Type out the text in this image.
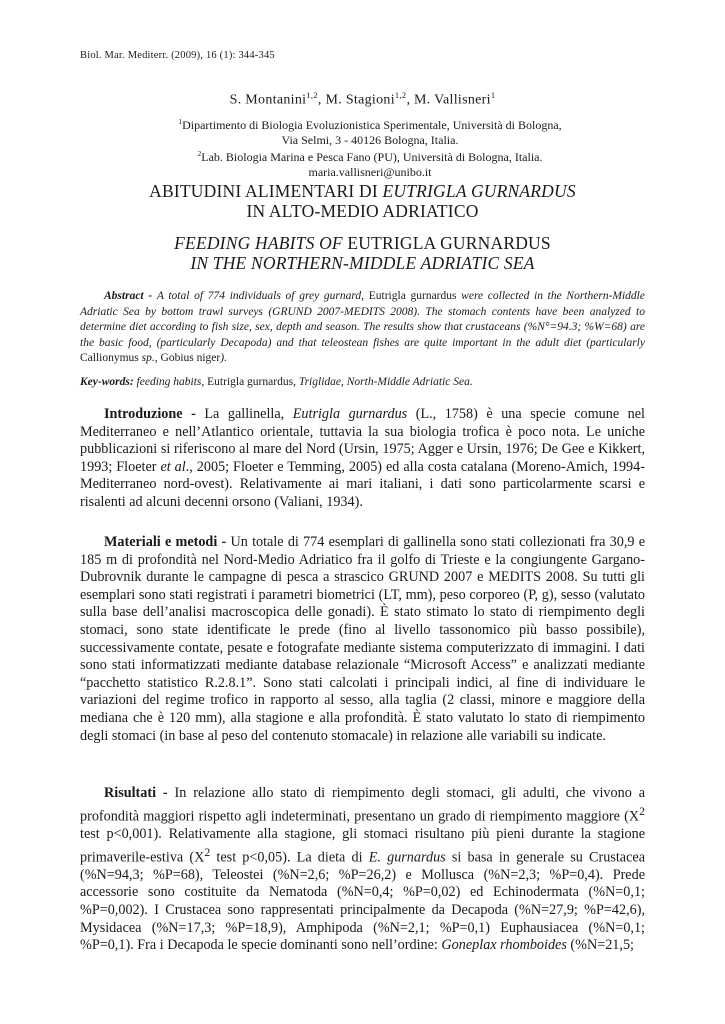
Biol. Mar. Mediterr. (2009), 16 (1): 344-345
S. Montanini$^{1,2}$, M. Stagioni$^{1,2}$, M. Vallisneri$^1$
$^1$Dipartimento di Biologia Evoluzionistica Sperimentale, Università di Bologna,
Via Selmi, 3 - 40126 Bologna, Italia.
$^2$Lab. Biologia Marina e Pesca Fano (PU), Università di Bologna, Italia.
maria.vallisneri@unibo.it
ABITUDINI ALIMENTARI DI EUTRIGLA GURNARDUS
IN ALTO-MEDIO ADRIATICO
FEEDING HABITS OF EUTRIGLA GURNARDUS
IN THE NORTHERN-MIDDLE ADRIATIC SEA
Abstract - A total of 774 individuals of grey gurnard, Eutrigla gurnardus were collected in the Northern-Middle Adriatic Sea by bottom trawl surveys (GRUND 2007-MEDITS 2008). The stomach contents have been analyzed to determine diet according to fish size, sex, depth and season. The results show that crustaceans (%N°=94.3; %W=68) are the basic food, (particularly Decapoda) and that teleostean fishes are quite important in the adult diet (particularly Callionymus sp., Gobius niger).
Key-words: feeding habits, Eutrigla gurnardus, Triglidae, North-Middle Adriatic Sea.
Introduzione - La gallinella, Eutrigla gurnardus (L., 1758) è una specie comune nel Mediterraneo e nell’Atlantico orientale, tuttavia la sua biologia trofica è poco nota. Le uniche pubblicazioni si riferiscono al mare del Nord (Ursin, 1975; Agger e Ursin, 1976; De Gee e Kikkert, 1993; Floeter et al., 2005; Floeter e Temming, 2005) ed alla costa catalana (Moreno-Amich, 1994-Mediterraneo nord-ovest). Relativamente ai mari italiani, i dati sono particolarmente scarsi e risalenti ad alcuni decenni orsono (Valiani, 1934).
Materiali e metodi - Un totale di 774 esemplari di gallinella sono stati collezionati fra 30,9 e 185 m di profondità nel Nord-Medio Adriatico fra il golfo di Trieste e la congiungente Gargano-Dubrovnik durante le campagne di pesca a strascico GRUND 2007 e MEDITS 2008. Su tutti gli esemplari sono stati registrati i parametri biometrici (LT, mm), peso corporeo (P, g), sesso (valutato sulla base dell’analisi macroscopica delle gonadi). È stato stimato lo stato di riempimento degli stomaci, sono state identificate le prede (fino al livello tassonomico più basso possibile), successivamente contate, pesate e fotografate mediante sistema computerizzato di immagini. I dati sono stati informatizzati mediante database relazionale “Microsoft Access” e analizzati mediante “pacchetto statistico R.2.8.1”. Sono stati calcolati i principali indici, al fine di individuare le variazioni del regime trofico in rapporto al sesso, alla taglia (2 classi, minore e maggiore della mediana che è 120 mm), alla stagione e alla profondità. È stato valutato lo stato di riempimento degli stomaci (in base al peso del contenuto stomacale) in relazione alle variabili su indicate.
Risultati - In relazione allo stato di riempimento degli stomaci, gli adulti, che vivono a profondità maggiori rispetto agli indeterminati, presentano un grado di riempimento maggiore ($X^2$ test p<0,001). Relativamente alla stagione, gli stomaci risultano più pieni durante la stagione primaverile-estiva ($X^2$ test p<0,05). La dieta di E. gurnardus si basa in generale su Crustacea (%N=94,3; %P=68), Teleostei (%N=2,6; %P=26,2) e Mollusca (%N=2,3; %P=0,4). Prede accessorie sono costituite da Nematoda (%N=0,4; %P=0,02) ed Echinodermata (%N=0,1; %P=0,002). I Crustacea sono rappresentati principalmente da Decapoda (%N=27,9; %P=42,6), Mysidacea (%N=17,3; %P=18,9), Amphipoda (%N=2,1; %P=0,1) Euphausiacea (%N=0,1; %P=0,1). Fra i Decapoda le specie dominanti sono nell’ordine: Goneplax rhomboides (%N=21,5;
